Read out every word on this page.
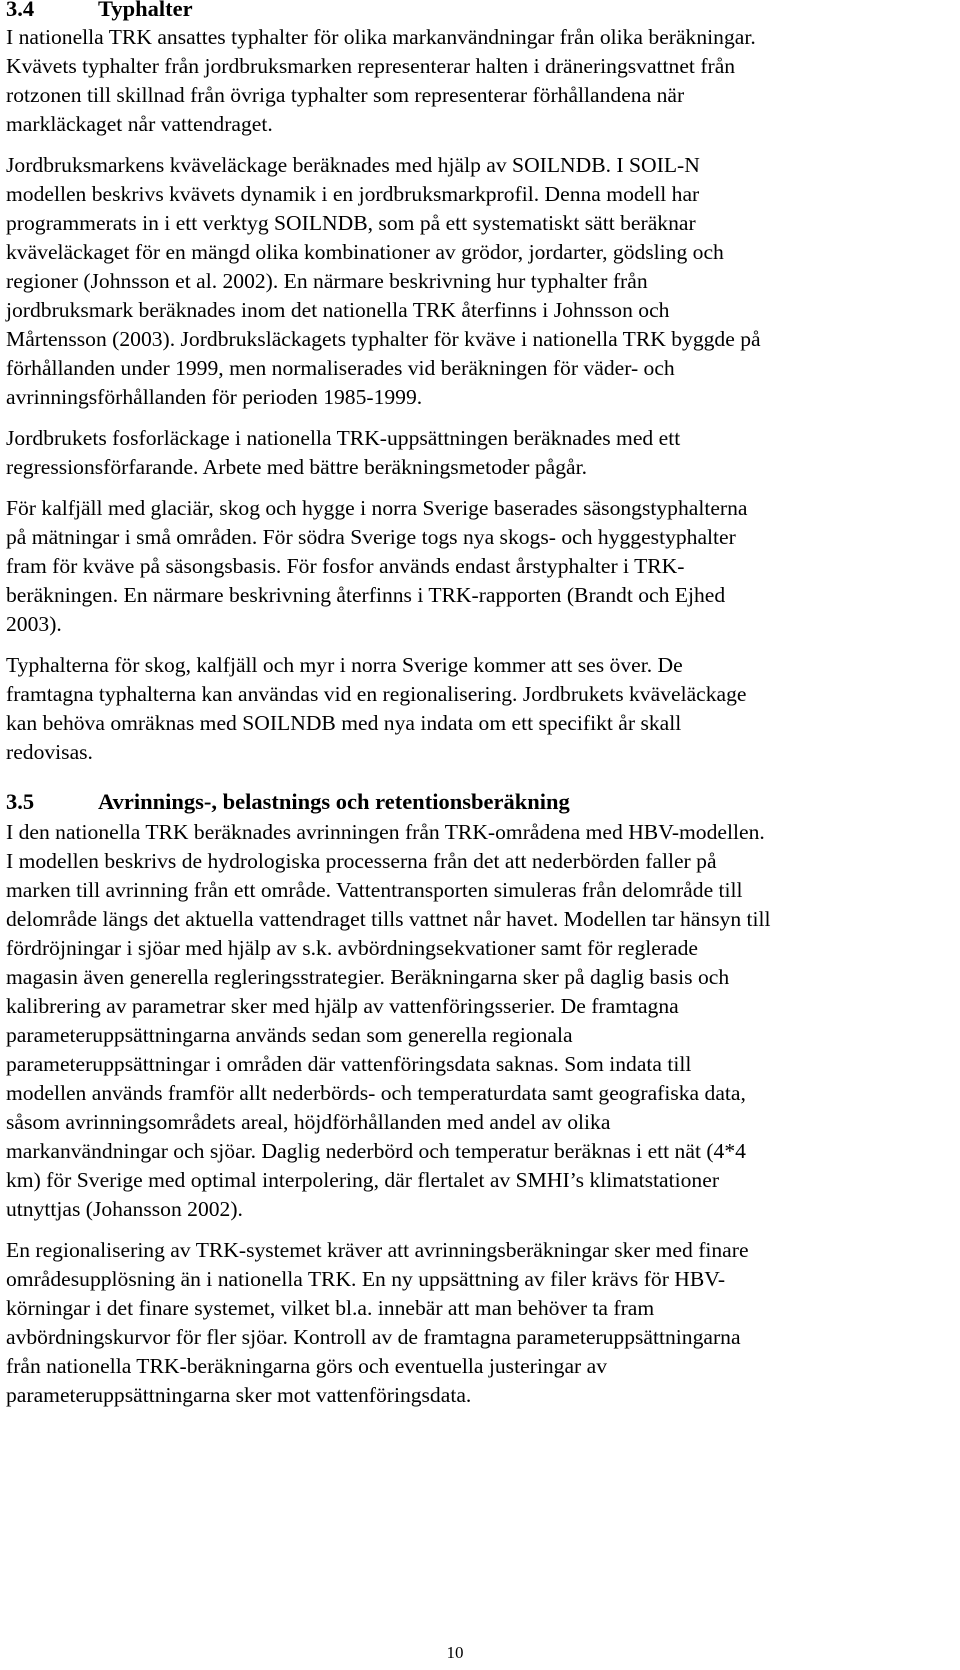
3.4	Typhalter

I nationella TRK ansattes typhalter för olika markanvändningar från olika beräkningar.
Kvävets typhalter från jordbruksmarken representerar halten i dräneringsvattnet från
rotzonen till skillnad från övriga typhalter som representerar förhållandena när
markläckaget når vattendraget.

Jordbruksmarkens kväveläckage beräknades med hjälp av SOILNDB. I SOIL-N
modellen beskrivs kvävets dynamik i en jordbruksmarkprofil. Denna modell har
programmerats in i ett verktyg SOILNDB, som på ett systematiskt sätt beräknar
kväveläckaget för en mängd olika kombinationer av grödor, jordarter, gödsling och
regioner (Johnsson et al. 2002). En närmare beskrivning hur typhalter från
jordbruksmark beräknades inom det nationella TRK återfinns i Johnsson och
Mårtensson (2003). Jordbruksläckagets typhalter för kväve i nationella TRK byggde på
förhållanden under 1999, men normaliserades vid beräkningen för väder- och
avrinningsförhållanden för perioden 1985-1999.

Jordbrukets fosforläckage i nationella TRK-uppsättningen beräknades med ett
regressionsförfarande. Arbete med bättre beräkningsmetoder pågår.

För kalfjäll med glaciär, skog och hygge i norra Sverige baserades säsongstyphalterna
på mätningar i små områden. För södra Sverige togs nya skogs- och hyggestyphalter
fram för kväve på säsongsbasis. För fosfor används endast årstyphalter i TRK-
beräkningen. En närmare beskrivning återfinns i TRK-rapporten (Brandt och Ejhed
2003).

Typhalterna för skog, kalfjäll och myr i norra Sverige kommer att ses över. De
framtagna typhalterna kan användas vid en regionalisering. Jordbrukets kväveläckage
kan behöva omräknas med SOILNDB med nya indata om ett specifikt år skall
redovisas.

3.5	Avrinnings-, belastnings och retentionsberäkning

I den nationella TRK beräknades avrinningen från TRK-områdena med HBV-modellen.
I modellen beskrivs de hydrologiska processerna från det att nederbörden faller på
marken till avrinning från ett område. Vattentransporten simuleras från delområde till
delområde längs det aktuella vattendraget tills vattnet når havet. Modellen tar hänsyn till
fördröjningar i sjöar med hjälp av s.k. avbördningsekvationer samt för reglerade
magasin även generella regleringsstrategier. Beräkningarna sker på daglig basis och
kalibrering av parametrar sker med hjälp av vattenföringsserier. De framtagna
parameteruppsättningarna används sedan som generella regionala
parameteruppsättningar i områden där vattenföringsdata saknas. Som indata till
modellen används framför allt nederbörds- och temperaturdata samt geografiska data,
såsom avrinningsområdets areal, höjdförhållanden med andel av olika
markanvändningar och sjöar. Daglig nederbörd och temperatur beräknas i ett nät (4*4
km) för Sverige med optimal interpolering, där flertalet av SMHI’s klimatstationer
utnyttjas (Johansson 2002).

En regionalisering av TRK-systemet kräver att avrinningsberäkningar sker med finare
områdesupplösning än i nationella TRK. En ny uppsättning av filer krävs för HBV-
körningar i det finare systemet, vilket bl.a. innebär att man behöver ta fram
avbördningskurvor för fler sjöar. Kontroll av de framtagna parameteruppsättningarna
från nationella TRK-beräkningarna görs och eventuella justeringar av
parameteruppsättningarna sker mot vattenföringsdata.

10
